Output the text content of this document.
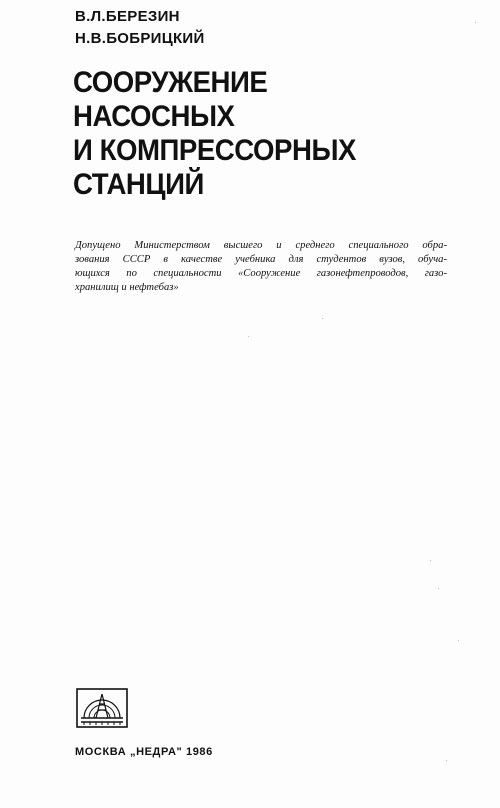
В.Л.БЕРЕЗИН
Н.В.БОБРИЦКИЙ
СООРУЖЕНИЕ
НАСОСНЫХ
И КОМПРЕССОРНЫХ
СТАНЦИЙ
Допущено Министерством высшего и среднего специального обра-
зования СССР в качестве учебника для студентов вузов, обуча-
ющихся по специальности «Сооружение газонефтепроводов, газо-
хранилищ и нефтебаз»
МОСКВА „НЕДРА" 1986
